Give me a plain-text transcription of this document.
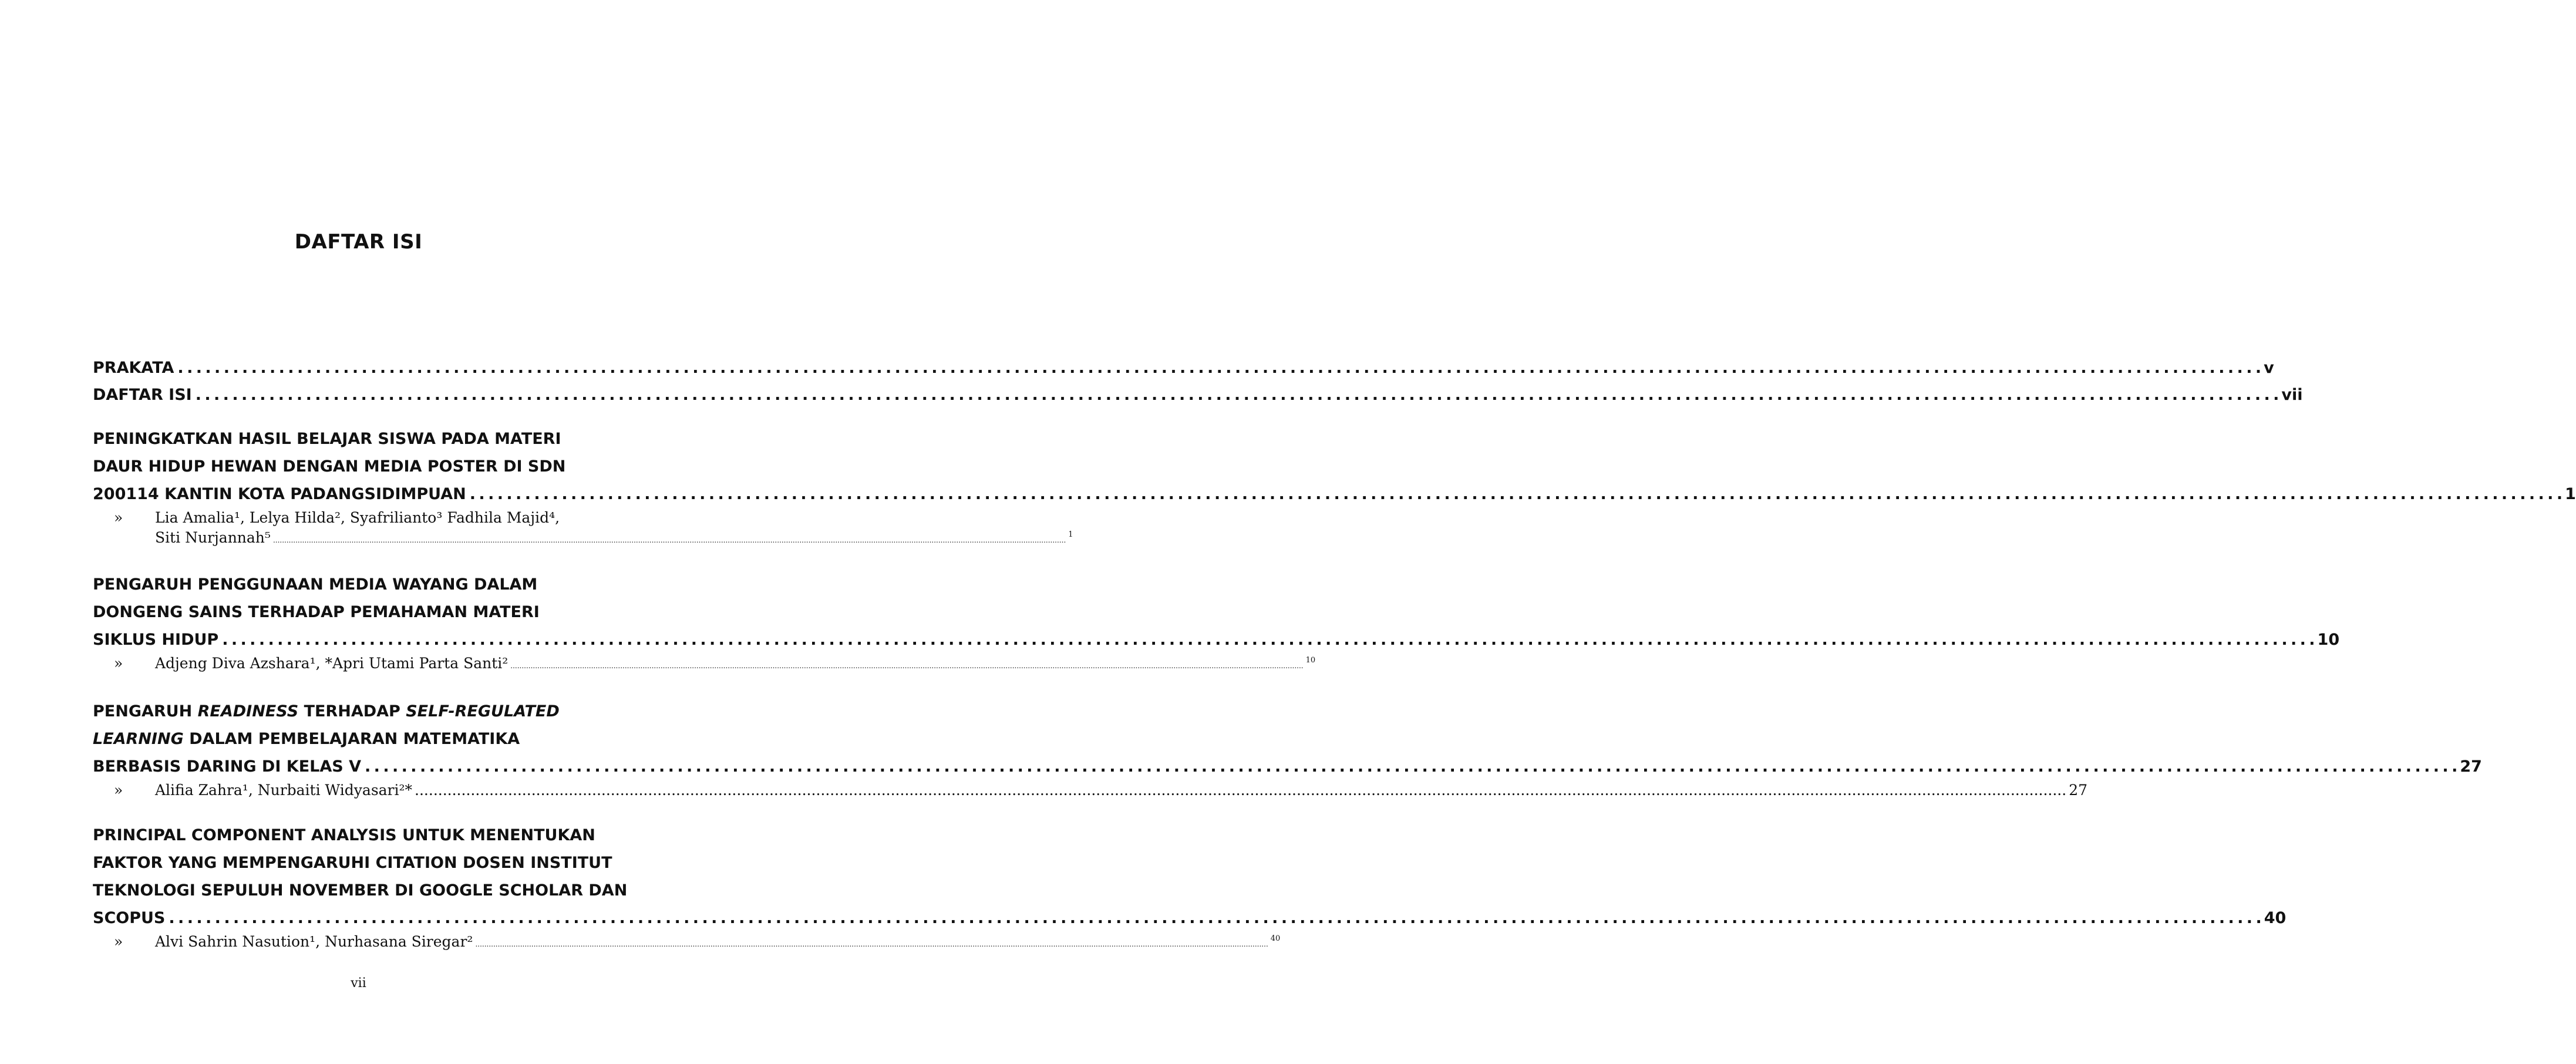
DAFTAR ISI
PRAKATA . . .	v
DAFTAR ISI . . .	vii
PENINGKATKAN HASIL BELAJAR SISWA PADA MATERI
DAUR HIDUP HEWAN DENGAN MEDIA POSTER DI SDN
200114 KANTIN KOTA PADANGSIDIMPUAN . . .	1
»	Lia Amalia¹, Lelya Hilda², Syafrilianto³ Fadhila Majid⁴,
Siti Nurjannah⁵ .....	1
PENGARUH PENGGUNAAN MEDIA WAYANG DALAM
DONGENG SAINS TERHADAP PEMAHAMAN MATERI
SIKLUS HIDUP . . .	10
»	Adjeng Diva Azshara¹, *Apri Utami Parta Santi² .....	10
PENGARUH READINESS TERHADAP SELF-REGULATED
LEARNING DALAM PEMBELAJARAN MATEMATIKA
BERBASIS DARING DI KELAS V . . .	27
»	Alifia Zahra¹, Nurbaiti Widyasari²* .....	27
PRINCIPAL COMPONENT ANALYSIS UNTUK MENENTUKAN
FAKTOR YANG MEMPENGARUHI CITATION DOSEN INSTITUT
TEKNOLOGI SEPULUH NOVEMBER DI GOOGLE SCHOLAR DAN
SCOPUS . . .	40
»	Alvi Sahrin Nasution¹, Nurhasana Siregar² .....	40
vii
